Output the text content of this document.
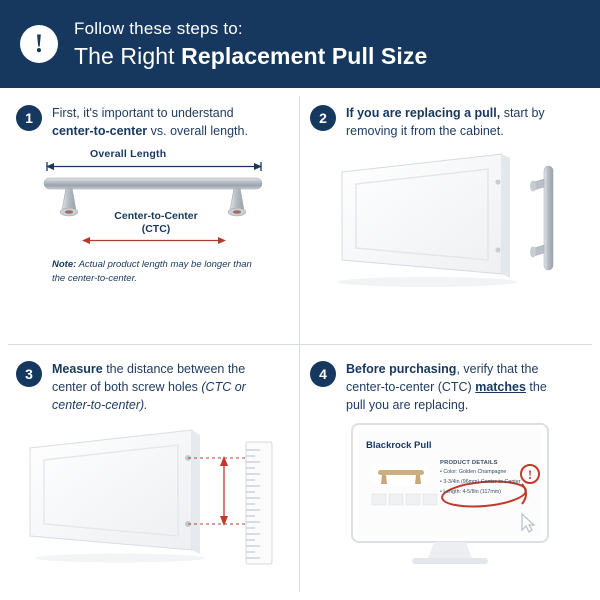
!
Follow these steps to:
The Right Replacement Pull Size
1	First, it's important to understand center-to-center vs. overall length.
Overall Length
Center-to-Center
(CTC)
Note: Actual product length may be longer than the center-to-center.
2	If you are replacing a pull, start by removing it from the cabinet.
3	Measure the distance between the center of both screw holes (CTC or center-to-center).
4	Before purchasing, verify that the center-to-center (CTC) matches the pull you are replacing.
!
Blackrock Pull
PRODUCT DETAILS
• Color: Golden Champagne
• 3-3/4in (96mm) Center-to-Center
• Length: 4-5/8in (117mm)
